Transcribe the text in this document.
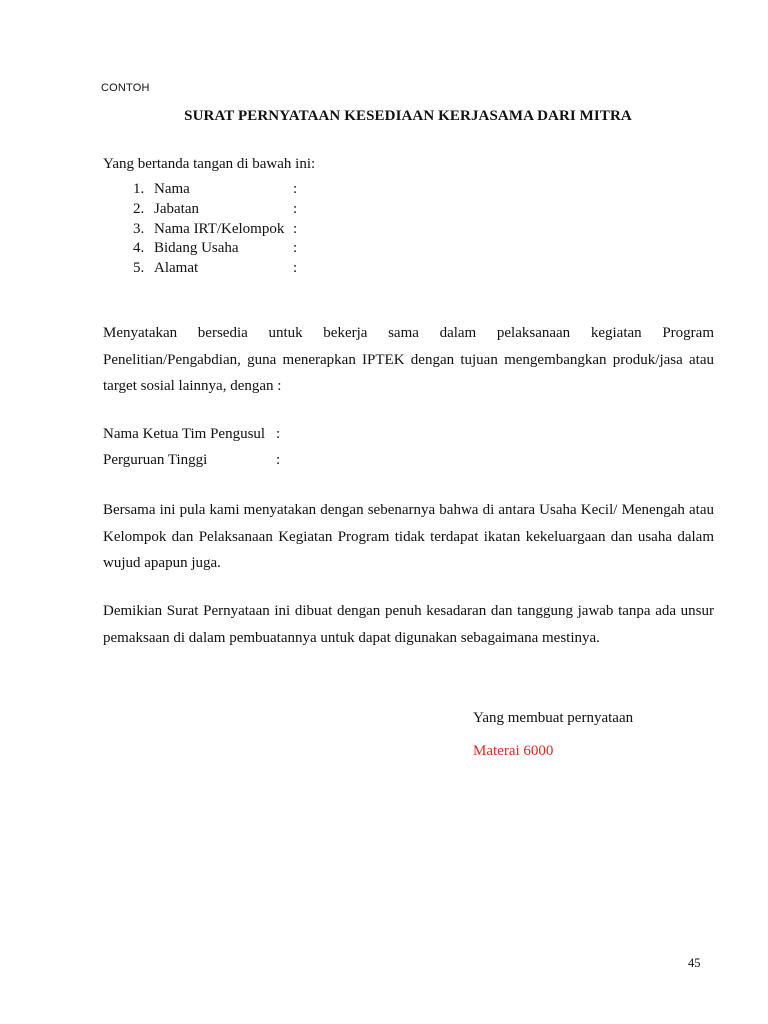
CONTOH
SURAT PERNYATAAN KESEDIAAN KERJASAMA DARI MITRA
Yang bertanda tangan di bawah ini:
1. Nama	:
2. Jabatan	:
3. Nama IRT/Kelompok :
4. Bidang Usaha	:
5. Alamat	:

Menyatakan bersedia untuk bekerja sama dalam pelaksanaan kegiatan Program Penelitian/Pengabdian, guna menerapkan IPTEK dengan tujuan mengembangkan produk/jasa atau target sosial lainnya, dengan :

Nama Ketua Tim Pengusul :
Perguruan Tinggi	:

Bersama ini pula kami menyatakan dengan sebenarnya bahwa di antara Usaha Kecil/ Menengah atau Kelompok dan Pelaksanaan Kegiatan Program tidak terdapat ikatan kekeluargaan dan usaha dalam wujud apapun juga.

Demikian Surat Pernyataan ini dibuat dengan penuh kesadaran dan tanggung jawab tanpa ada unsur pemaksaan di dalam pembuatannya untuk dapat digunakan sebagaimana mestinya.

Yang membuat pernyataan
Materai 6000
45
